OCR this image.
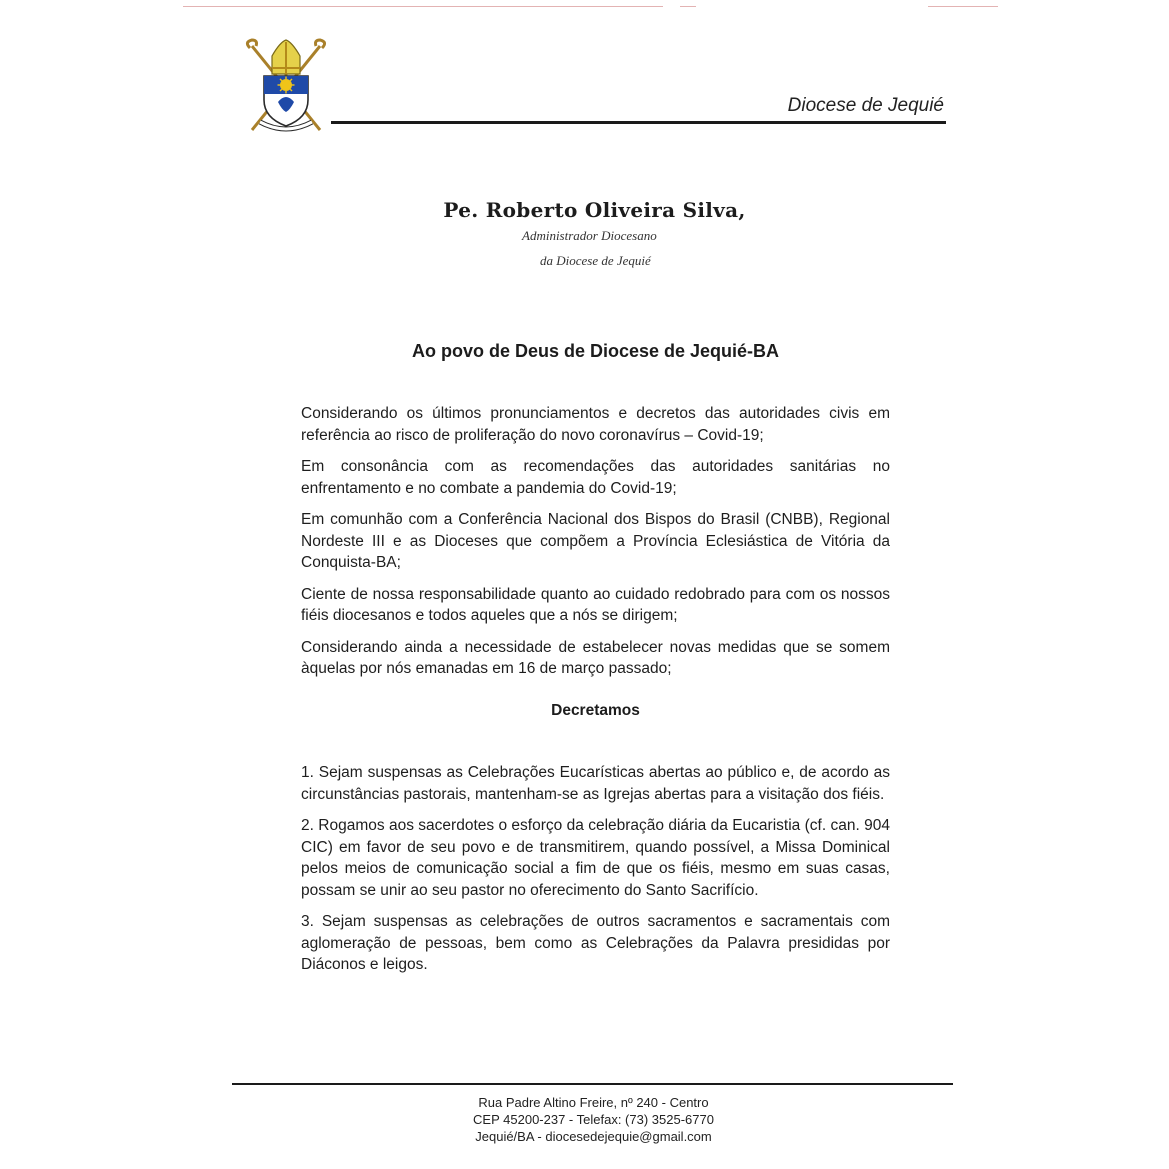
Diocese de Jequié
Pe. Roberto Oliveira Silva,
Administrador Diocesano
da Diocese de Jequié
Ao povo de Deus de Diocese de Jequié-BA

Considerando os últimos pronunciamentos e decretos das autoridades civis em referência ao risco de proliferação do novo coronavírus – Covid-19;

Em consonância com as recomendações das autoridades sanitárias no enfrentamento e no combate a pandemia do Covid-19;

Em comunhão com a Conferência Nacional dos Bispos do Brasil (CNBB), Regional Nordeste III e as Dioceses que compõem a Província Eclesiástica de Vitória da Conquista-BA;

Ciente de nossa responsabilidade quanto ao cuidado redobrado para com os nossos fiéis diocesanos e todos aqueles que a nós se dirigem;

Considerando ainda a necessidade de estabelecer novas medidas que se somem àquelas por nós emanadas em 16 de março passado;

Decretamos

1. Sejam suspensas as Celebrações Eucarísticas abertas ao público e, de acordo as circunstâncias pastorais, mantenham-se as Igrejas abertas para a visitação dos fiéis.

2. Rogamos aos sacerdotes o esforço da celebração diária da Eucaristia (cf. can. 904 CIC) em favor de seu povo e de transmitirem, quando possível, a Missa Dominical pelos meios de comunicação social a fim de que os fiéis, mesmo em suas casas, possam se unir ao seu pastor no oferecimento do Santo Sacrifício.

3. Sejam suspensas as celebrações de outros sacramentos e sacramentais com aglomeração de pessoas, bem como as Celebrações da Palavra presididas por Diáconos e leigos.

Rua Padre Altino Freire, nº 240 - Centro
CEP 45200-237 - Telefax: (73) 3525-6770
Jequié/BA - diocesedejequie@gmail.com
